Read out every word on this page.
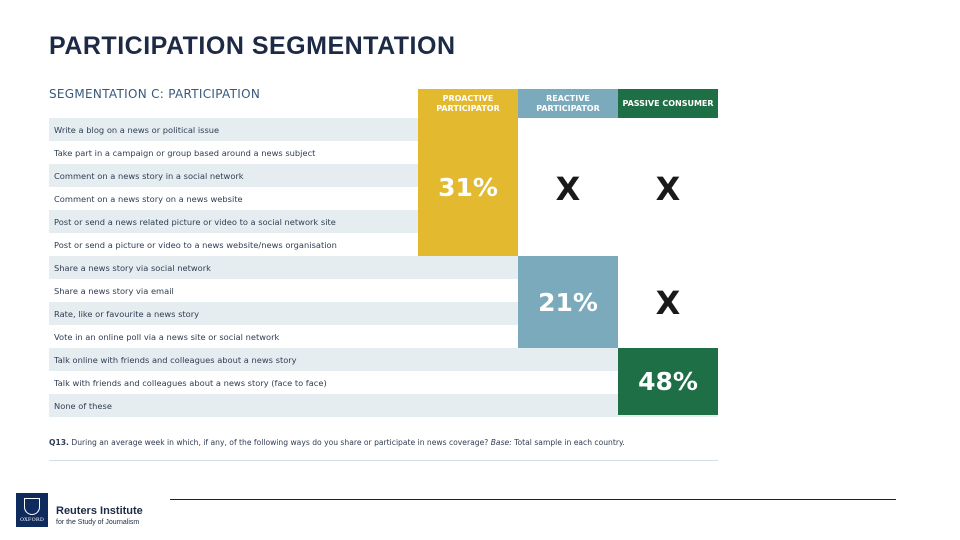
PARTICIPATION SEGMENTATION
SEGMENTATION C: PARTICIPATION	PROACTIVE PARTICIPATOR
REACTIVE PARTICIPATOR
PASSIVE CONSUMER
Write a blog on a news or political issue
Take part in a campaign or group based around a news subject
Comment on a news story in a social network
Comment on a news story on a news website
Post or send a news related picture or video to a social network site
Post or send a picture or video to a news website/news organisation
Share a news story via social network
Share a news story via email
Rate, like or favourite a news story
Vote in an online poll via a news site or social network
Talk online with friends and colleagues about a news story
Talk with friends and colleagues about a news story (face to face)
None of these
31%
21%
48%
X	X
X
Q13. During an average week in which, if any, of the following ways do you share or participate in news coverage? Base: Total sample in each country.
OXFORD
Reuters Institute
for the Study of Journalism
